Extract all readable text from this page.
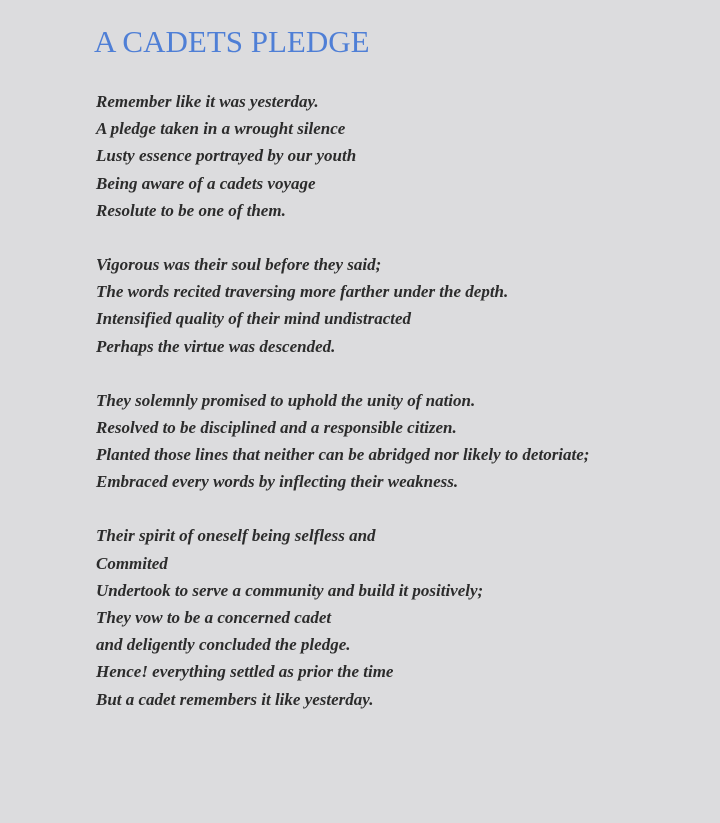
A CADETS PLEDGE
Remember like it was yesterday.
A pledge taken in a wrought silence
Lusty essence portrayed by our youth
Being aware of a cadets voyage
Resolute to be one of them.
Vigorous was their soul before they said;
The words recited traversing more farther under the depth.
Intensified quality of their mind undistracted
Perhaps the virtue was descended.
They solemnly promised to uphold the unity of nation.
Resolved to be disciplined and a responsible citizen.
Planted those lines that neither can be abridged nor likely to detoriate;
Embraced every words by inflecting their weakness.
Their spirit of oneself being selfless and
Commited
Undertook to serve a community and build it positively;
They vow to be a concerned cadet
and deligently concluded the pledge.
Hence! everything settled as prior the time
But a cadet remembers it like yesterday.
